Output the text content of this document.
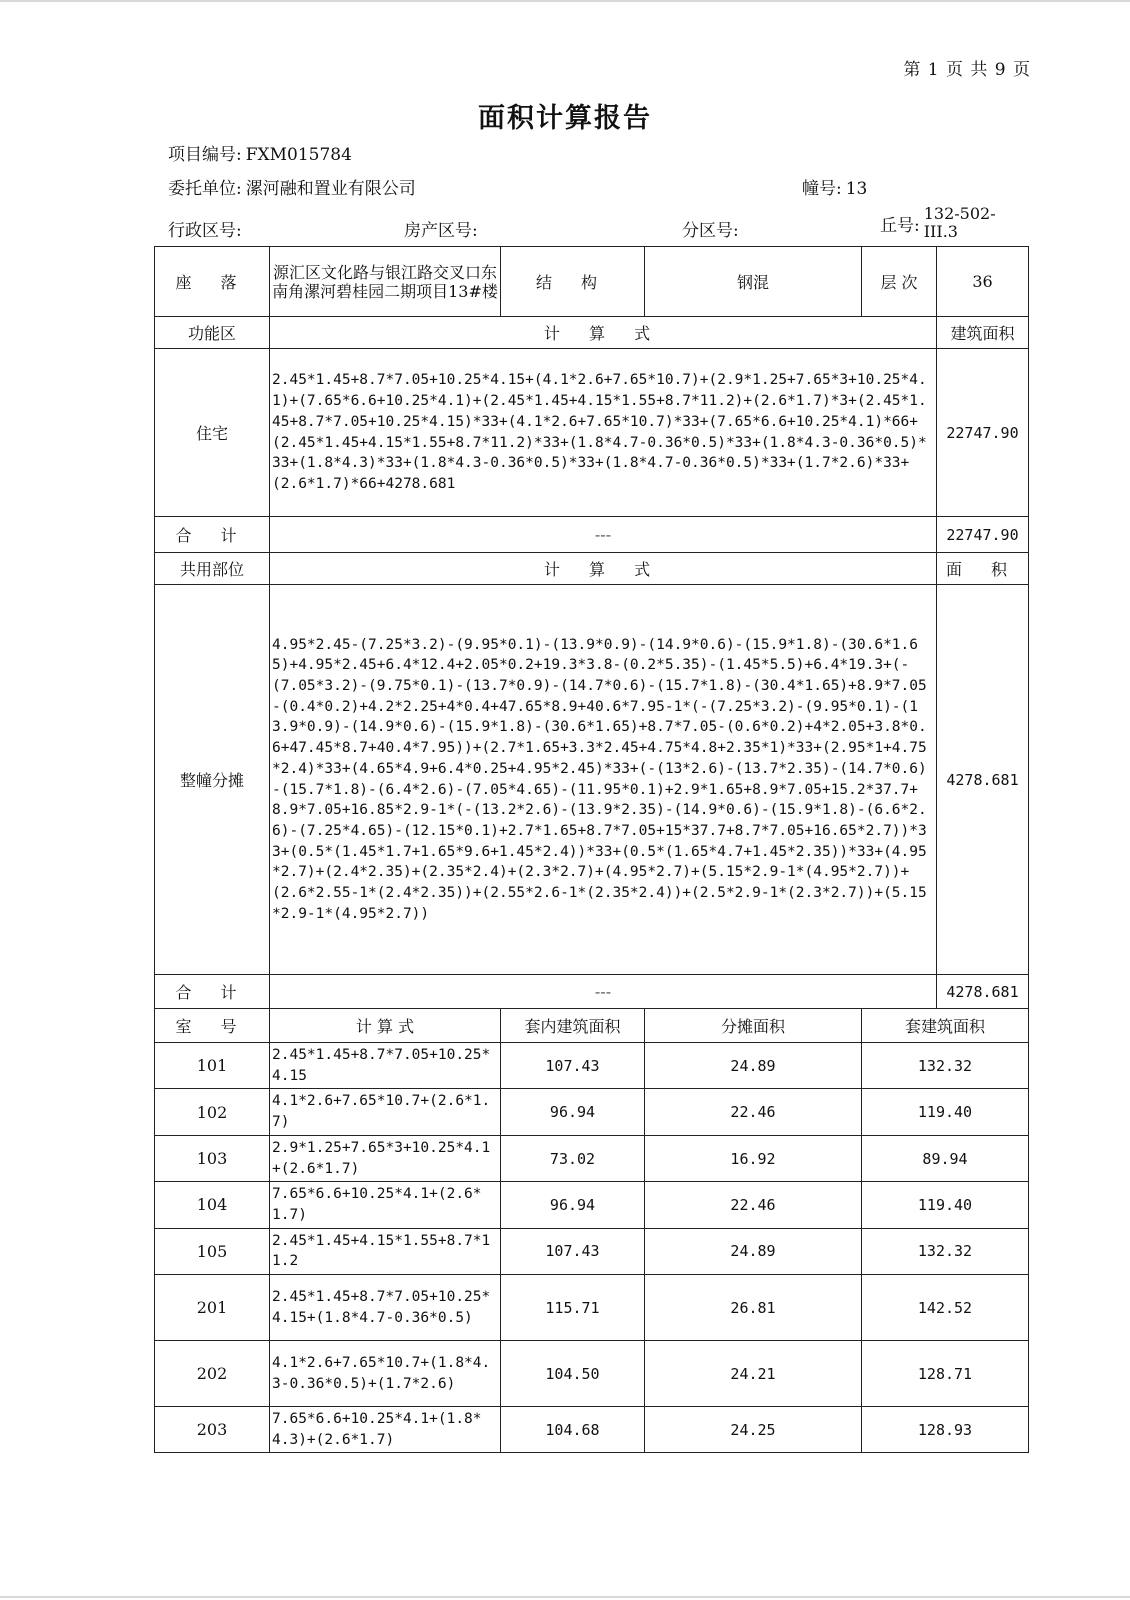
第 1 页 共 9 页
面积计算报告
项目编号: FXM015784
委托单位: 漯河融和置业有限公司	幢号: 13
行政区号:	房产区号:	分区号:	丘号:
132-502-
III.3
座 落	源汇区文化路与银江路交叉口东南角漯河碧桂园二期项目13#楼	结 构	钢混	层 次	36
功能区	计 算 式				建筑面积
住宅	2.45*1.45+8.7*7.05+10.25*4.15+(4.1*2.6+7.65*10.7)+(2.9*1.25+7.65*3+10.25*4.1)+(7.65*6.6+10.25*4.1)+(2.45*1.45+4.15*1.55+8.7*11.2)+(2.6*1.7)*3+(2.45*1.45+8.7*7.05+10.25*4.15)*33+(4.1*2.6+7.65*10.7)*33+(7.65*6.6+10.25*4.1)*66+(2.45*1.45+4.15*1.55+8.7*11.2)*33+(1.8*4.7-0.36*0.5)*33+(1.8*4.3-0.36*0.5)*33+(1.8*4.3)*33+(1.8*4.3-0.36*0.5)*33+(1.8*4.7-0.36*0.5)*33+(1.7*2.6)*33+(2.6*1.7)*66+4278.681				22747.90
合 计	---				22747.90
共用部位	计 算 式				面 积
整幢分摊	4.95*2.45-(7.25*3.2)-(9.95*0.1)-(13.9*0.9)-(14.9*0.6)-(15.9*1.8)-(30.6*1.65)+4.95*2.45+6.4*12.4+2.05*0.2+19.3*3.8-(0.2*5.35)-(1.45*5.5)+6.4*19.3+(-(7.05*3.2)-(9.75*0.1)-(13.7*0.9)-(14.7*0.6)-(15.7*1.8)-(30.4*1.65)+8.9*7.05-(0.4*0.2)+4.2*2.25+4*0.4+47.65*8.9+40.6*7.95-1*(-(7.25*3.2)-(9.95*0.1)-(13.9*0.9)-(14.9*0.6)-(15.9*1.8)-(30.6*1.65)+8.7*7.05-(0.6*0.2)+4*2.05+3.8*0.6+47.45*8.7+40.4*7.95))+(2.7*1.65+3.3*2.45+4.75*4.8+2.35*1)*33+(2.95*1+4.75*2.4)*33+(4.65*4.9+6.4*0.25+4.95*2.45)*33+(-(13*2.6)-(13.7*2.35)-(14.7*0.6)-(15.7*1.8)-(6.4*2.6)-(7.05*4.65)-(11.95*0.1)+2.9*1.65+8.9*7.05+15.2*37.7+8.9*7.05+16.85*2.9-1*(-(13.2*2.6)-(13.9*2.35)-(14.9*0.6)-(15.9*1.8)-(6.6*2.6)-(7.25*4.65)-(12.15*0.1)+2.7*1.65+8.7*7.05+15*37.7+8.7*7.05+16.65*2.7))*33+(0.5*(1.45*1.7+1.65*9.6+1.45*2.4))*33+(0.5*(1.65*4.7+1.45*2.35))*33+(4.95*2.7)+(2.4*2.35)+(2.35*2.4)+(2.3*2.7)+(4.95*2.7)+(5.15*2.9-1*(4.95*2.7))+(2.6*2.55-1*(2.4*2.35))+(2.55*2.6-1*(2.35*2.4))+(2.5*2.9-1*(2.3*2.7))+(5.15*2.9-1*(4.95*2.7))				4278.681
合 计	---				4278.681
室 号	计 算 式	套内建筑面积	分摊面积	套建筑面积	
101	2.45*1.45+8.7*7.05+10.25*4.15	107.43	24.89	132.32	
102	4.1*2.6+7.65*10.7+(2.6*1.7)	96.94	22.46	119.40	
103	2.9*1.25+7.65*3+10.25*4.1+(2.6*1.7)	73.02	16.92	89.94	
104	7.65*6.6+10.25*4.1+(2.6*1.7)	96.94	22.46	119.40	
105	2.45*1.45+4.15*1.55+8.7*11.2	107.43	24.89	132.32	
201	2.45*1.45+8.7*7.05+10.25*4.15+(1.8*4.7-0.36*0.5)	115.71	26.81	142.52	
202	4.1*2.6+7.65*10.7+(1.8*4.3-0.36*0.5)+(1.7*2.6)	104.50	24.21	128.71	
203	7.65*6.6+10.25*4.1+(1.8*4.3)+(2.6*1.7)	104.68	24.25	128.93	
